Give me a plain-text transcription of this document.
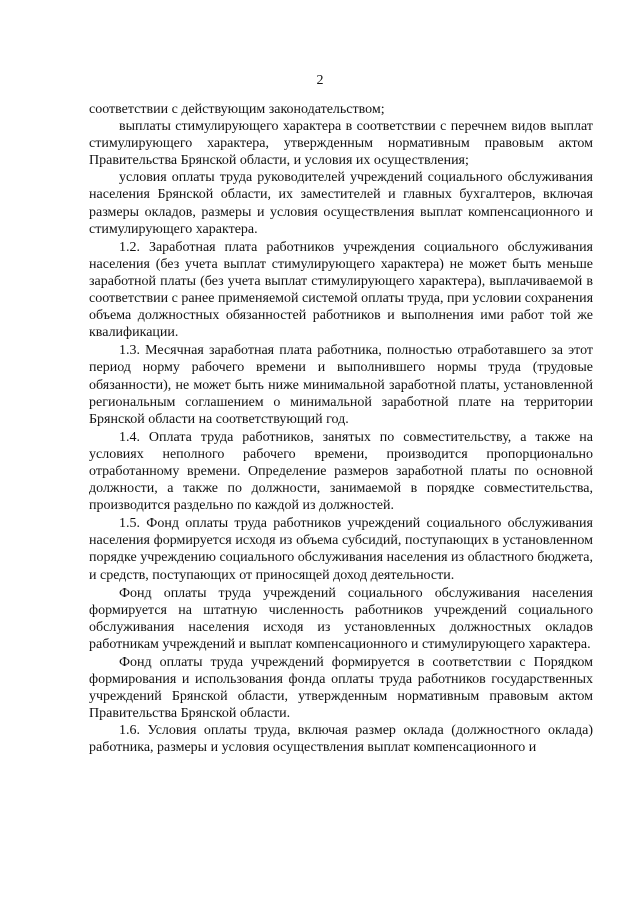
2

соответствии с действующим законодательством;

выплаты стимулирующего характера в соответствии с перечнем видов выплат стимулирующего характера, утвержденным нормативным правовым актом Правительства Брянской области, и условия их осуществления;

условия оплаты труда руководителей учреждений социального обслуживания населения Брянской области, их заместителей и главных бухгалтеров, включая размеры окладов, размеры и условия осуществления выплат компенсационного и стимулирующего характера.

1.2. Заработная плата работников учреждения социального обслуживания населения (без учета выплат стимулирующего характера) не может быть меньше заработной платы (без учета выплат стимулирующего характера), выплачиваемой в соответствии с ранее применяемой системой оплаты труда, при условии сохранения объема должностных обязанностей работников и выполнения ими работ той же квалификации.

1.3. Месячная заработная плата работника, полностью отработавшего за этот период норму рабочего времени и выполнившего нормы труда (трудовые обязанности), не может быть ниже минимальной заработной платы, установленной региональным соглашением о минимальной заработной плате на территории Брянской области на соответствующий год.

1.4. Оплата труда работников, занятых по совместительству, а также на условиях неполного рабочего времени, производится пропорционально отработанному времени. Определение размеров заработной платы по основной должности, а также по должности, занимаемой в порядке совместительства, производится раздельно по каждой из должностей.

1.5. Фонд оплаты труда работников учреждений социального обслуживания населения формируется исходя из объема субсидий, поступающих в установленном порядке учреждению социального обслуживания населения из областного бюджета, и средств, поступающих от приносящей доход деятельности.

Фонд оплаты труда учреждений социального обслуживания населения формируется на штатную численность работников учреждений социального обслуживания населения исходя из установленных должностных окладов работникам учреждений и выплат компенсационного и стимулирующего характера.

Фонд оплаты труда учреждений формируется в соответствии с Порядком формирования и использования фонда оплаты труда работников государственных учреждений Брянской области, утвержденным нормативным правовым актом Правительства Брянской области.

1.6. Условия оплаты труда, включая размер оклада (должностного оклада) работника, размеры и условия осуществления выплат компенсационного и
